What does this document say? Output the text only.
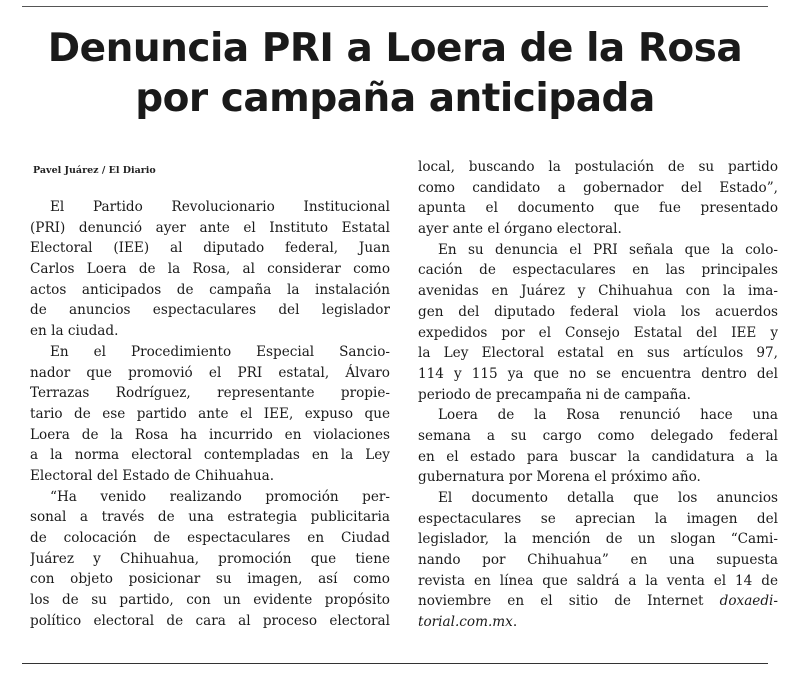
Denuncia PRI a Loera de la Rosa
por campaña anticipada
Pavel Juárez / El Diario
El Partido Revolucionario Institucional
(PRI) denunció ayer ante el Instituto Estatal
Electoral (IEE) al diputado federal, Juan
Carlos Loera de la Rosa, al considerar como
actos anticipados de campaña la instalación
de anuncios espectaculares del legislador
en la ciudad.
En el Procedimiento Especial Sancio-
nador que promovió el PRI estatal, Álvaro
Terrazas Rodríguez, representante propie-
tario de ese partido ante el IEE, expuso que
Loera de la Rosa ha incurrido en violaciones
a la norma electoral contempladas en la Ley
Electoral del Estado de Chihuahua.
“Ha venido realizando promoción per-
sonal a través de una estrategia publicitaria
de colocación de espectaculares en Ciudad
Juárez y Chihuahua, promoción que tiene
con objeto posicionar su imagen, así como
los de su partido, con un evidente propósito
político electoral de cara al proceso electoral
local, buscando la postulación de su partido
como candidato a gobernador del Estado”,
apunta el documento que fue presentado
ayer ante el órgano electoral.
En su denuncia el PRI señala que la colo-
cación de espectaculares en las principales
avenidas en Juárez y Chihuahua con la ima-
gen del diputado federal viola los acuerdos
expedidos por el Consejo Estatal del IEE y
la Ley Electoral estatal en sus artículos 97,
114 y 115 ya que no se encuentra dentro del
periodo de precampaña ni de campaña.
Loera de la Rosa renunció hace una
semana a su cargo como delegado federal
en el estado para buscar la candidatura a la
gubernatura por Morena el próximo año.
El documento detalla que los anuncios
espectaculares se aprecian la imagen del
legislador, la mención de un slogan “Cami-
nando por Chihuahua” en una supuesta
revista en línea que saldrá a la venta el 14 de
noviembre en el sitio de Internet doxaedi-
torial.com.mx.
